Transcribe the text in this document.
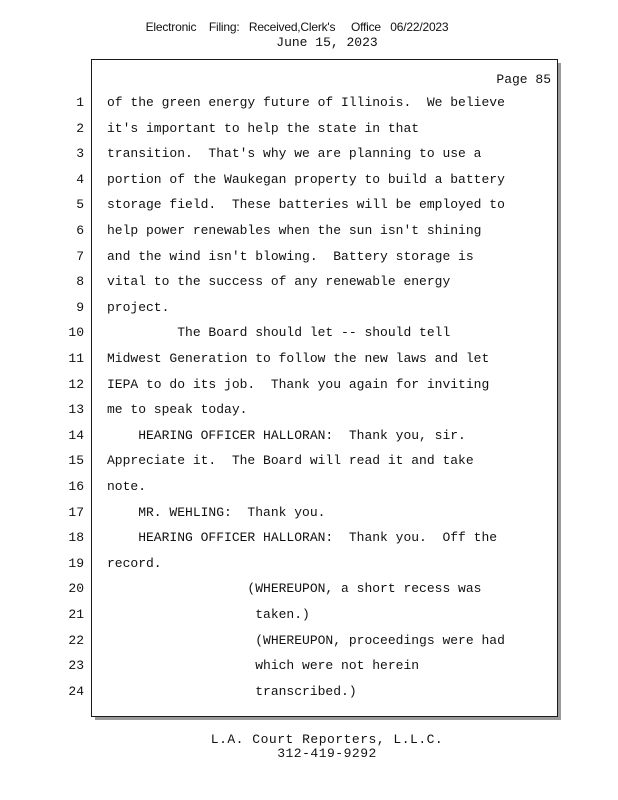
Electronic    Filing:   Received,Clerk's     Office   06/22/2023
June 15, 2023
Page 85
1 of the green energy future of Illinois.  We believe
2 it's important to help the state in that
3 transition.  That's why we are planning to use a
4 portion of the Waukegan property to build a battery
5 storage field.  These batteries will be employed to
6 help power renewables when the sun isn't shining
7 and the wind isn't blowing.  Battery storage is
8 vital to the success of any renewable energy
9 project.
10 The Board should let -- should tell
11 Midwest Generation to follow the new laws and let
12 IEPA to do its job.  Thank you again for inviting
13 me to speak today.
14 HEARING OFFICER HALLORAN:  Thank you, sir.
15 Appreciate it.  The Board will read it and take
16 note.
17 MR. WEHLING:  Thank you.
18 HEARING OFFICER HALLORAN:  Thank you.  Off the
19 record.
20 (WHEREUPON, a short recess was
21 taken.)
22 (WHEREUPON, proceedings were had
23 which were not herein
24 transcribed.)
L.A. Court Reporters, L.L.C.
312-419-9292
